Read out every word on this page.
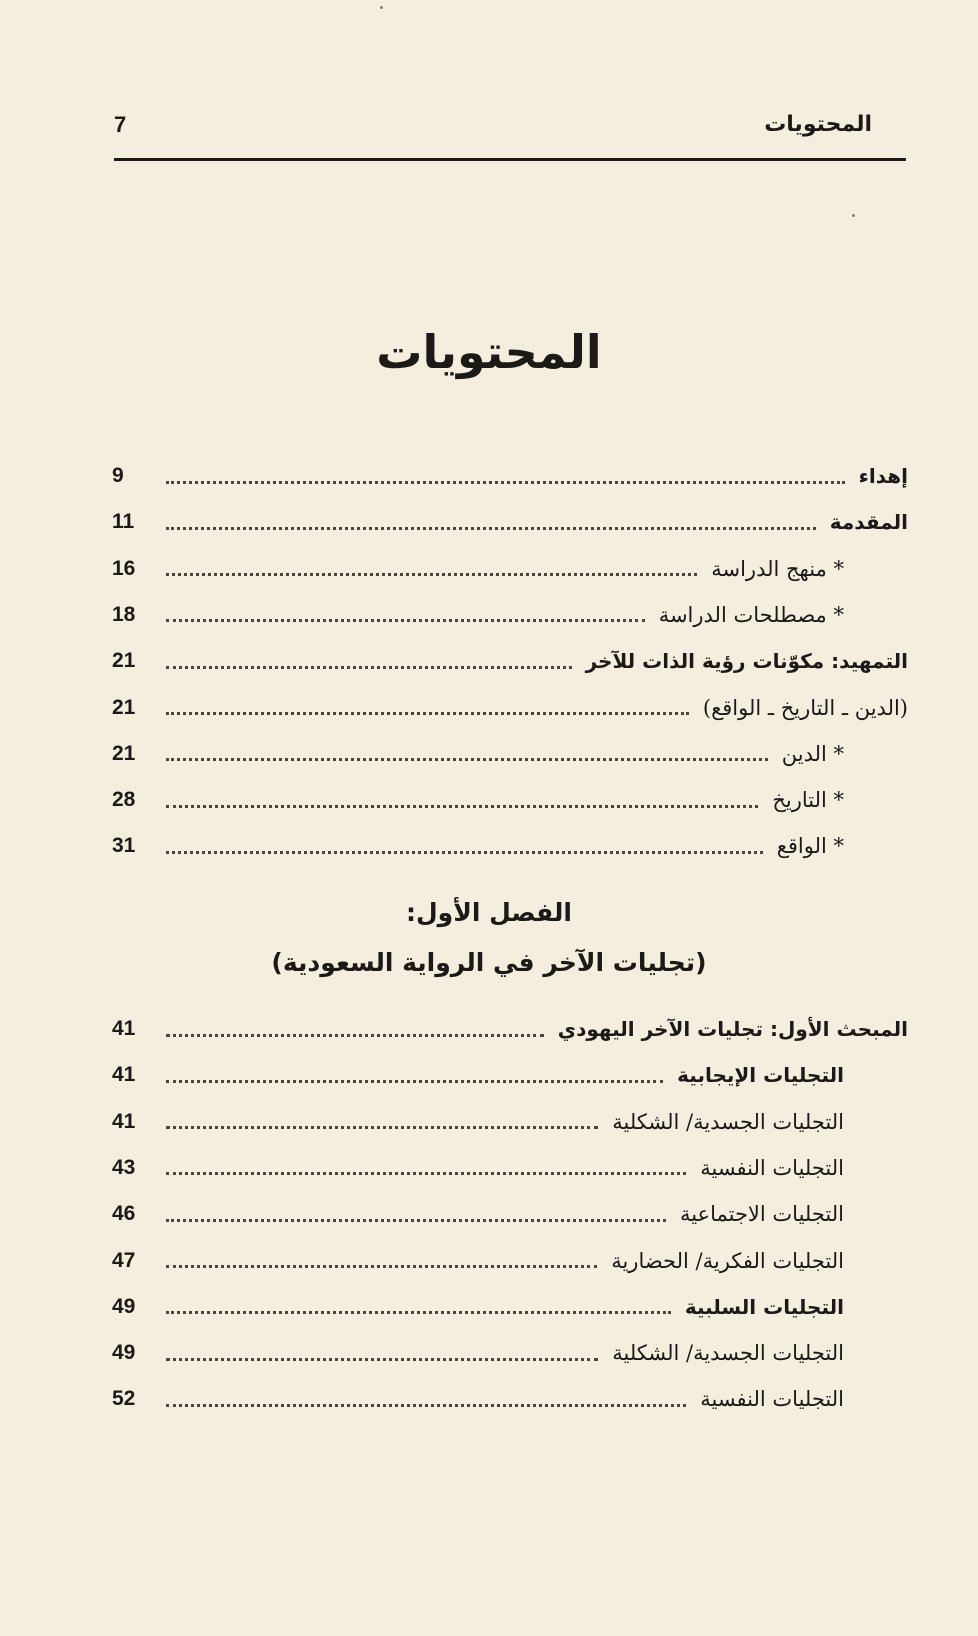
المحتويات
7
المحتويات
إهداء
9
المقدمة
11
* منهج الدراسة
16
* مصطلحات الدراسة
18
التمهيد: مكوّنات رؤية الذات للآخر
21
(الدين ـ التاريخ ـ الواقع)
21
* الدين
21
* التاريخ
28
* الواقع
31
الفصل الأول:
(تجليات الآخر في الرواية السعودية)
المبحث الأول: تجليات الآخر اليهودي
41
التجليات الإيجابية
41
التجليات الجسدية/ الشكلية
41
التجليات النفسية
43
التجليات الاجتماعية
46
التجليات الفكرية/ الحضارية
47
التجليات السلبية
49
التجليات الجسدية/ الشكلية
49
التجليات النفسية
52
